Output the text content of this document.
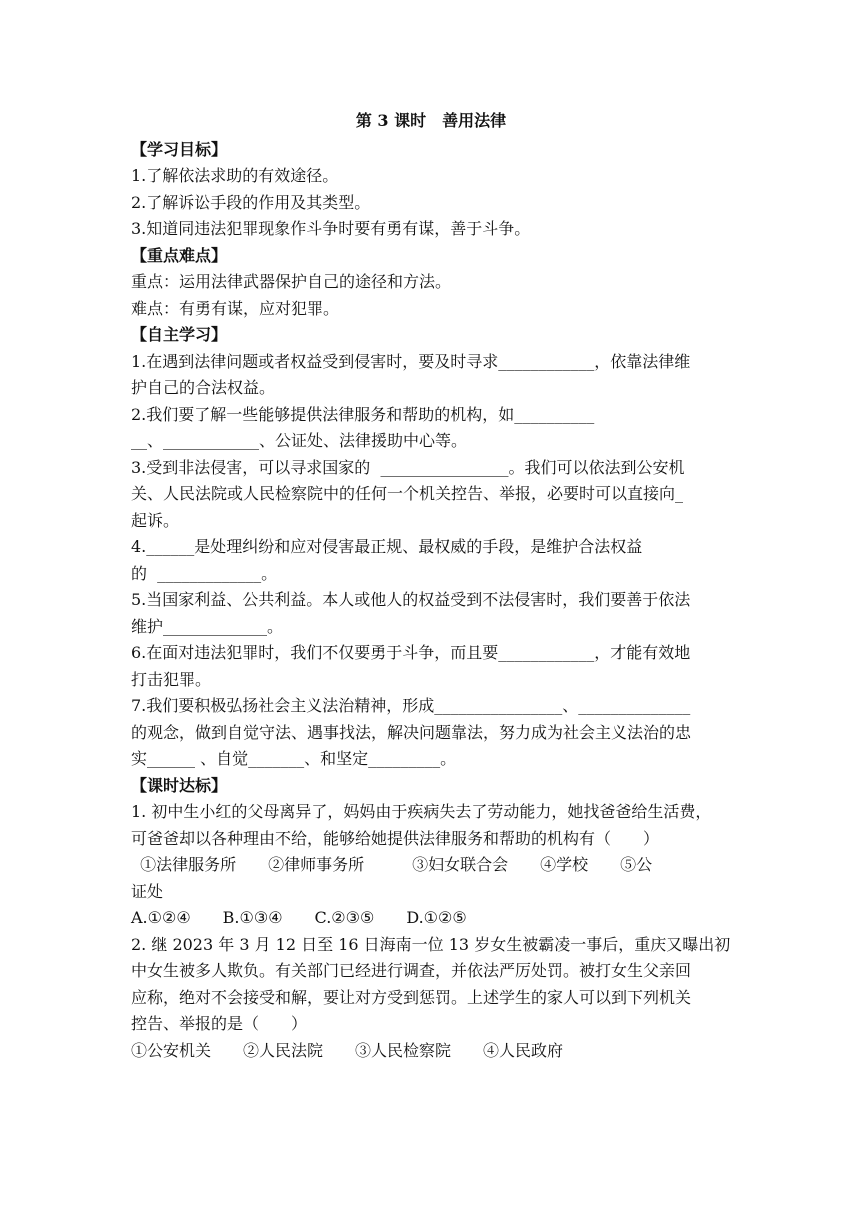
第 3 课时　善用法律
【学习目标】
1.了解依法求助的有效途径。
2.了解诉讼手段的作用及其类型。
3.知道同违法犯罪现象作斗争时要有勇有谋，善于斗争。
【重点难点】
重点：运用法律武器保护自己的途径和方法。
难点：有勇有谋，应对犯罪。
【自主学习】
1.在遇到法律问题或者权益受到侵害时，要及时寻求____________，依靠法律维
护自己的合法权益。
2.我们要了解一些能够提供法律服务和帮助的机构，如__________
__、____________、公证处、法律援助中心等。
3.受到非法侵害，可以寻求国家的  ________________。我们可以依法到公安机
关、人民法院或人民检察院中的任何一个机关控告、举报，必要时可以直接向_
起诉。
4.______是处理纠纷和应对侵害最正规、最权威的手段，是维护合法权益
的  _____________。
5.当国家利益、公共利益。本人或他人的权益受到不法侵害时，我们要善于依法
维护_____________。
6.在面对违法犯罪时，我们不仅要勇于斗争，而且要____________，才能有效地
打击犯罪。
7.我们要积极弘扬社会主义法治精神，形成________________、______________
的观念，做到自觉守法、遇事找法，解决问题靠法，努力成为社会主义法治的忠
实______ 、自觉_______、和坚定_________。
【课时达标】
1. 初中生小红的父母离异了，妈妈由于疾病失去了劳动能力，她找爸爸给生活费，
可爸爸却以各种理由不给，能够给她提供法律服务和帮助的机构有（　　）
①法律服务所　　②律师事务所　　　③妇女联合会　　④学校　　⑤公
证处
A.①②④　　B.①③④　　C.②③⑤　　D.①②⑤
2. 继 2023 年 3 月 12 日至 16 日海南一位 13 岁女生被霸凌一事后，重庆又曝出初
中女生被多人欺负。有关部门已经进行调查，并依法严厉处罚。被打女生父亲回
应称，绝对不会接受和解，要让对方受到惩罚。上述学生的家人可以到下列机关
控告、举报的是（　　）
①公安机关　　②人民法院　　③人民检察院　　④人民政府
